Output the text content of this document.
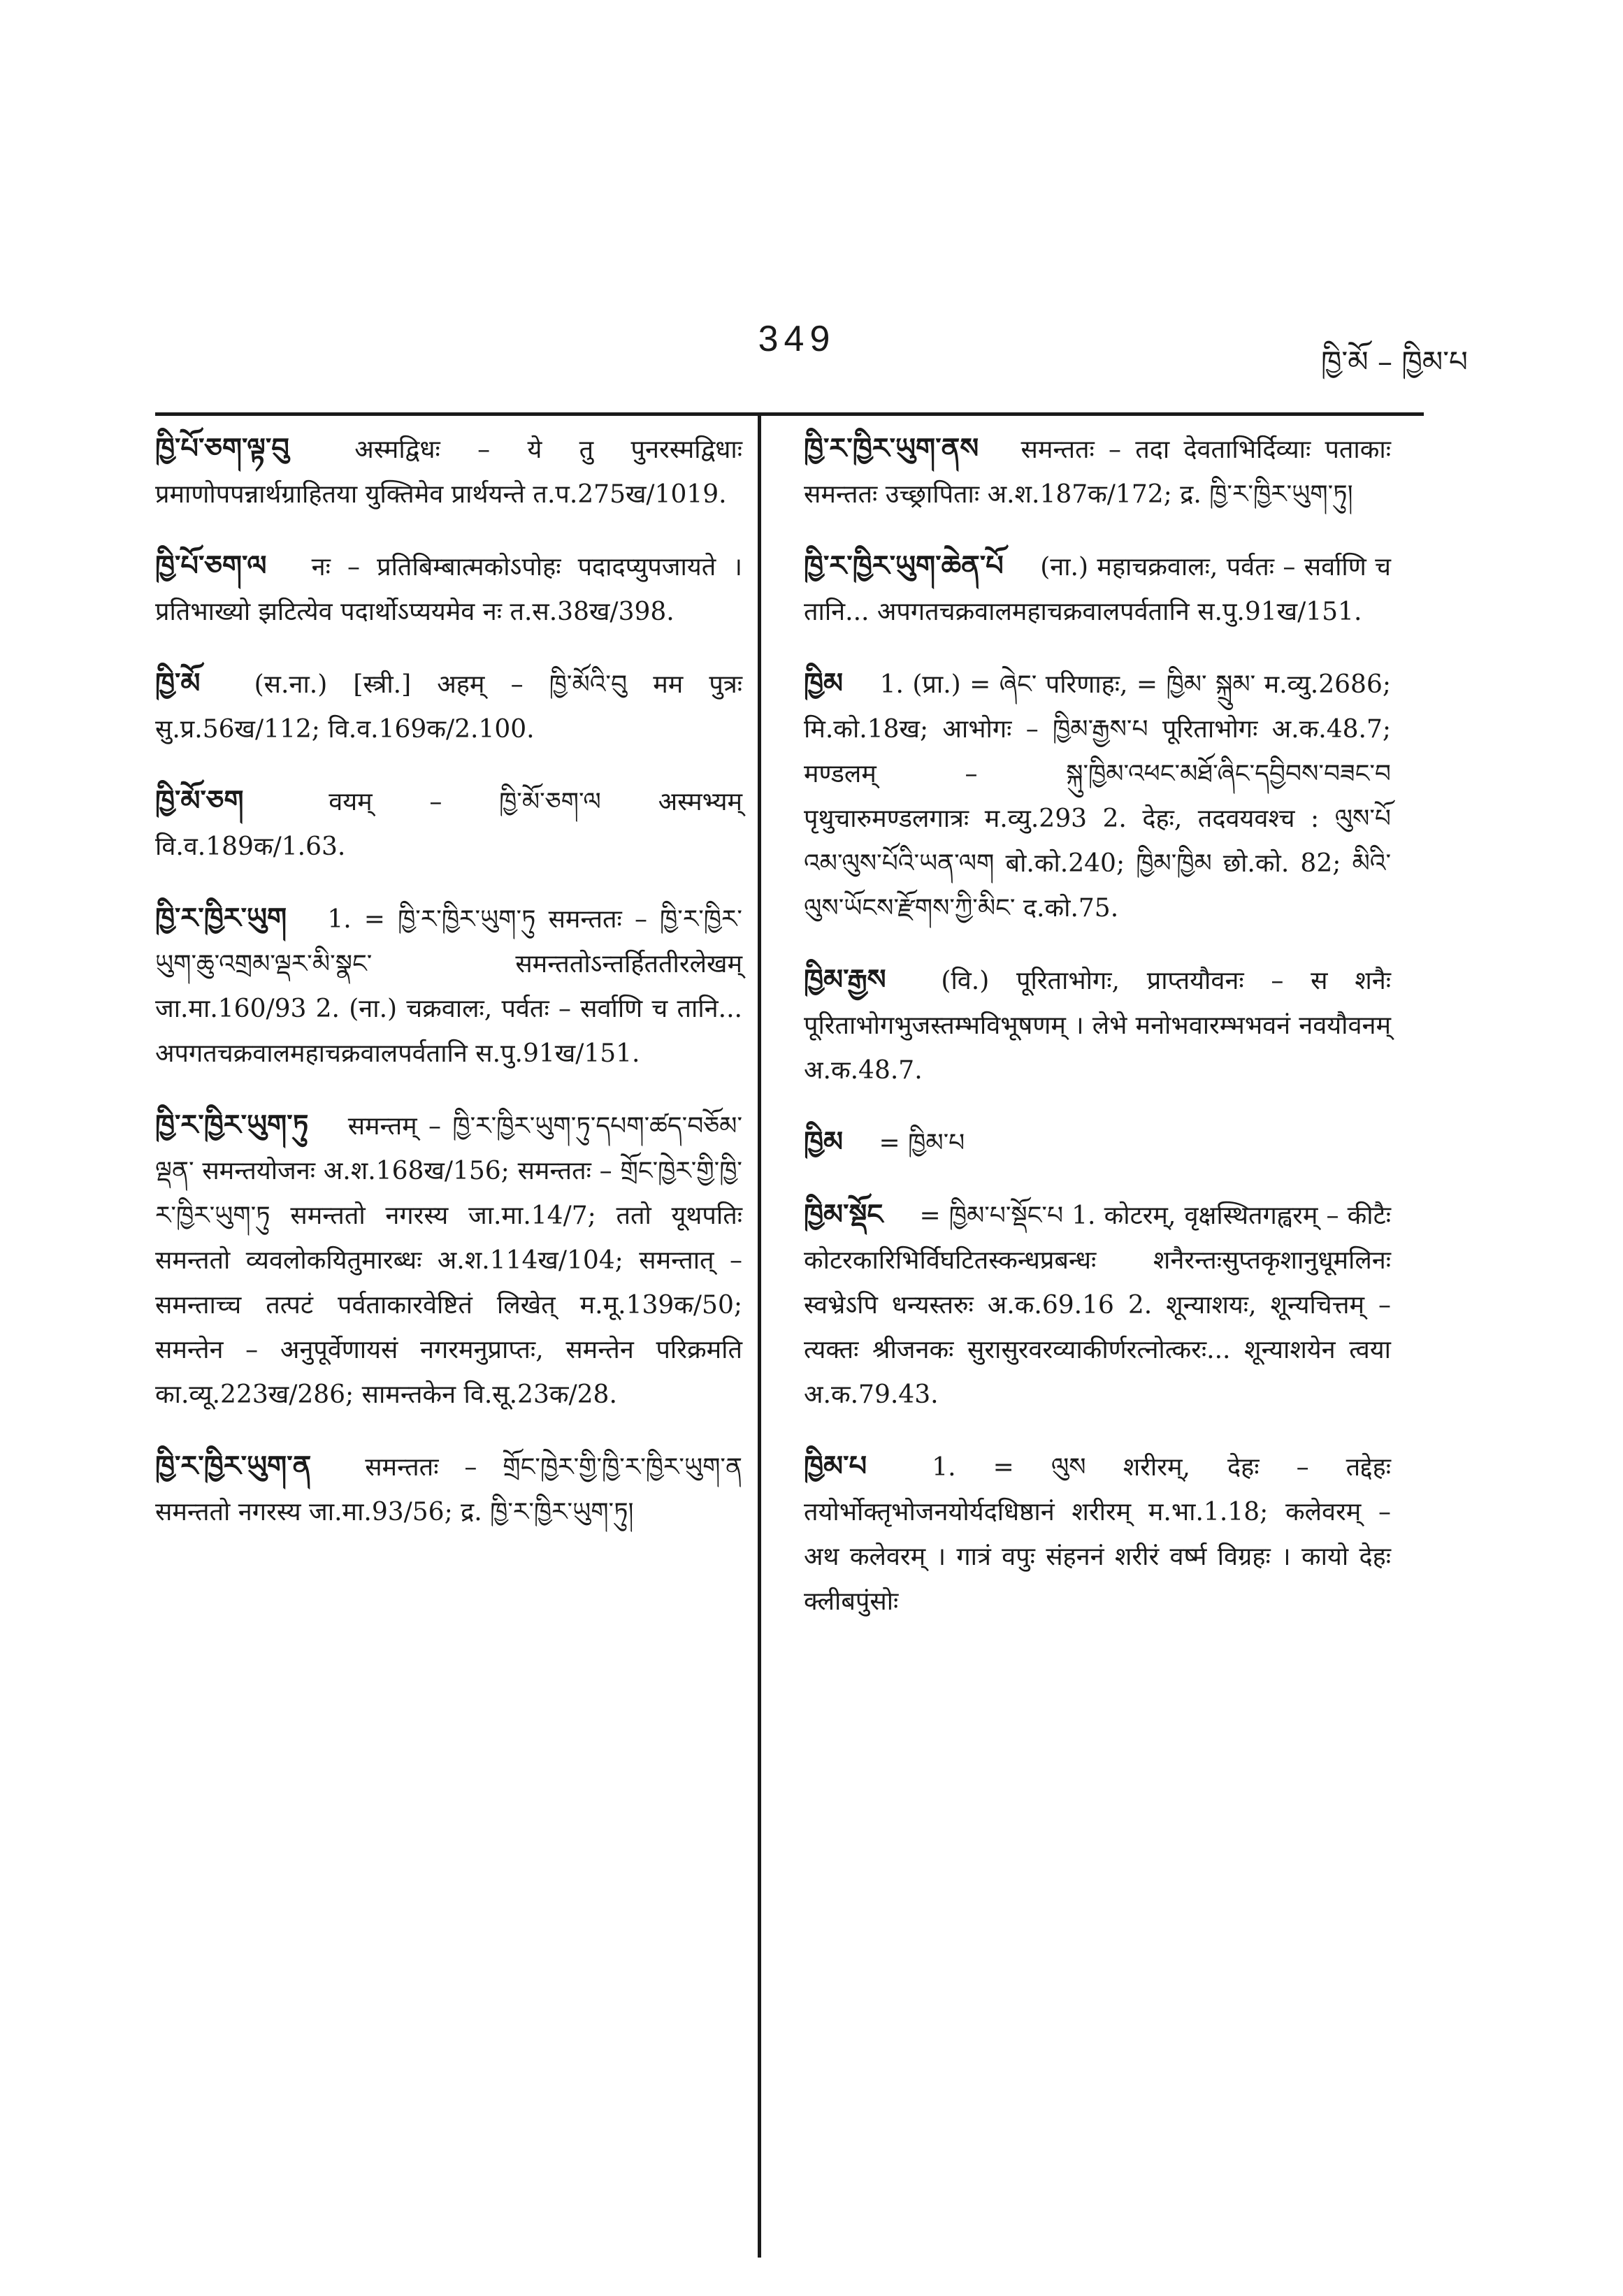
349
ཁྱི་མོ – ཁྱིམ་པ
ཁྱི་པོ་ཅག་ལྟ་བུ	अस्मद्विधः – ये तु पुनरस्मद्विधाः प्रमाणोपपन्नार्थग्राहितया युक्तिमेव प्रार्थयन्ते त.प.275ख/1019.
ཁྱི་པོ་ཅག་ལ नः – प्रतिबिम्बात्मकोऽपोहः पदादप्युपजायते । प्रतिभाख्यो झटित्येव पदार्थोऽप्ययमेव नः त.स.38ख/398.
ཁྱི་མོ (स.ना.) [स्त्री.] अहम् – ཁྱི་མོའི་བུ मम पुत्रः सु.प्र.56ख/112; वि.व.169क/2.100.
ཁྱི་མོ་ཅག	वयम् – ཁྱི་མོ་ཅག་ལ अस्मभ्यम् वि.व.189क/1.63.
ཁྱི་ར་ཁྱིར་ཡུག 1. = ཁྱི་ར་ཁྱིར་ཡུག་ཏུ समन्ततः – ཁྱི་ར་ཁྱིར་ཡུག་ཆུ་འགྲམ་ལྡར་མི་སྣང་ समन्ततोऽन्तर्हिततीरलेखम् जा.मा.160/93 2. (ना.) चक्रवालः, पर्वतः – सर्वाणि च तानि... अपगतचक्रवालमहाचक्रवालपर्वतानि स.पु.91ख/151.
ཁྱི་ར་ཁྱིར་ཡུག་ཏུ समन्तम् – ཁྱི་ར་ཁྱིར་ཡུག་ཏུ་དཔག་ཚད་བཅོམ་ལྡན་ समन्तयोजनः अ.श.168ख/156; समन्ततः – གྲོང་ཁྱེར་གྱི་ཁྱི་ར་ཁྱིར་ཡུག་ཏུ समन्ततो नगरस्य जा.मा.14/7; ततो यूथपतिः समन्ततो व्यवलोकयितुमारब्धः अ.श.114ख/104; समन्तात् – समन्ताच्च तत्पटं पर्वताकारवेष्टितं लिखेत् म.मू.139क/50; समन्तेन – अनुपूर्वेणायसं नगरमनुप्राप्तः, समन्तेन परिक्रमति का.व्यू.223ख/286; सामन्तकेन वि.सू.23क/28.
ཁྱི་ར་ཁྱིར་ཡུག་ན समन्ततः – གྲོང་ཁྱེར་གྱི་ཁྱི་ར་ཁྱིར་ཡུག་ན समन्ततो नगरस्य जा.मा.93/56; द्र. ཁྱི་ར་ཁྱིར་ཡུག་ཏུ།
ཁྱི་ར་ཁྱིར་ཡུག་ནས समन्ततः – तदा देवताभिर्दिव्याः पताकाः समन्ततः उच्छ्रापिताः अ.श.187क/172; द्र. ཁྱི་ར་ཁྱིར་ཡུག་ཏུ།
ཁྱི་ར་ཁྱིར་ཡུག་ཆེན་པོ (ना.) महाचक्रवालः, पर्वतः – सर्वाणि च तानि... अपगतचक्रवालमहाचक्रवालपर्वतानि स.पु.91ख/151.
ཁྱིམ 1. (प्रा.) = ཞེང་ परिणाहः, = ཁྱིམ་ སྐྲུམ་ म.व्यु.2686; मि.को.18ख; आभोगः – ཁྱིམ་རྒྱས་པ पूरिताभोगः अ.क.48.7; मण्डलम् – སྐུ་ཁྱིམ་འཕང་མཐོ་ཞིང་དབྱིབས་བཟང་བ पृथुचारुमण्डलगात्रः म.व्यु.293 2. देहः, तदवयवश्च : ལུས་པོ འམ་ལུས་པོའི་ཡན་ལག बो.को.240; ཁྱིམ་ཁྱིམ छो.को. 82; མིའི་ལུས་ཡོངས་རྫོགས་ཀྱི་མིང་ द.को.75.
ཁྱིམ་རྒྱས (वि.) पूरिताभोगः, प्राप्तयौवनः – स शनैः पूरिताभोगभुजस्तम्भविभूषणम् । लेभे मनोभवारम्भभवनं नवयौवनम् अ.क.48.7.
ཁྱིམ = ཁྱིམ་པ
ཁྱིམ་སྡོང = ཁྱིམ་པ་སྡོང་པ 1. कोटरम्, वृक्षस्थितगह्वरम् – कीटैः कोटरकारिभिर्विघटितस्कन्धप्रबन्धः शनैरन्तःसुप्तकृशानुधूमलिनः स्वभ्रेऽपि धन्यस्तरुः अ.क.69.16 2. शून्याशयः, शून्यचित्तम् – त्यक्तः श्रीजनकः सुरासुरवरव्याकीर्णरत्नोत्करः... शून्याशयेन त्वया अ.क.79.43.
ཁྱིམ་པ	1. = ལུས शरीरम्, देहः – तद्देहः तयोर्भोक्तृभोजनयोर्यदधिष्ठानं शरीरम् म.भा.1.18; कलेवरम् – अथ कलेवरम् । गात्रं वपुः संहननं शरीरं वर्ष्म विग्रहः । कायो देहः क्लीबपुंसोः
